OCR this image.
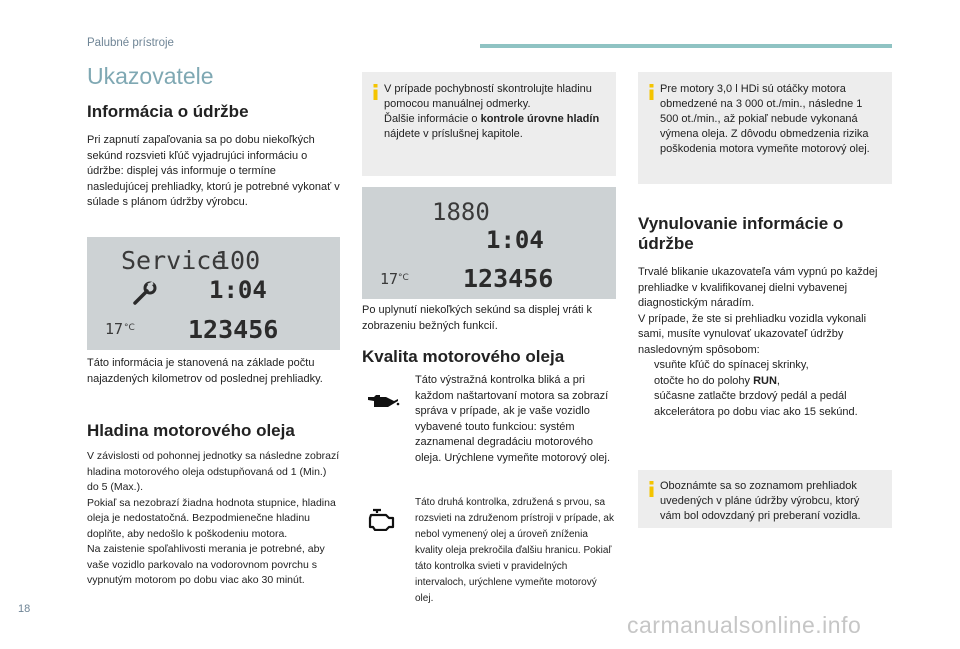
Palubné prístroje
Ukazovatele
Informácia o údržbe

Pri zapnutí zapaľovania sa po dobu niekoľkých sekúnd rozsvieti kľúč vyjadrujúci informáciu o údržbe: displej vás informuje o termíne nasledujúcej prehliadky, ktorú je potrebné vykonať v súlade s plánom údržby výrobcu.

Service
100
1:04
17 °C 123456

Táto informácia je stanovená na základe počtu najazdených kilometrov od poslednej prehliadky.

Hladina motorového oleja

V závislosti od pohonnej jednotky sa následne zobrazí hladina motorového oleja odstupňovaná od 1 (Min.) do 5 (Max.).
Pokiaľ sa nezobrazí žiadna hodnota stupnice, hladina oleja je nedostatočná. Bezpodmienečne hladinu doplňte, aby nedošlo k poškodeniu motora.
Na zaistenie spoľahlivosti merania je potrebné, aby vaše vozidlo parkovalo na vodorovnom povrchu s vypnutým motorom po dobu viac ako 30 minút.

V prípade pochybností skontrolujte hladinu pomocou manuálnej odmerky.

Ďalšie informácie o kontrole úrovne hladín nájdete v príslušnej kapitole.

1880
1:04
17 °C 123456

Po uplynutí niekoľkých sekúnd sa displej vráti k zobrazeniu bežných funkcií.

Kvalita motorového oleja

Táto výstražná kontrolka bliká a pri každom naštartovaní motora sa zobrazí správa v prípade, ak je vaše vozidlo vybavené touto funkciou: systém zaznamenal degradáciu motorového oleja. Urýchlene vymeňte motorový olej.

Táto druhá kontrolka, združená s prvou, sa rozsvieti na združenom prístroji v prípade, ak nebol vymenený olej a úroveň zníženia kvality oleja prekročila ďalšiu hranicu. Pokiaľ táto kontrolka svieti v pravidelných intervaloch, urýchlene vymeňte motorový olej.

Pre motory 3,0 l HDi sú otáčky motora obmedzené na 3 000 ot./min., následne 1 500 ot./min., až pokiaľ nebude vykonaná výmena oleja. Z dôvodu obmedzenia rizika poškodenia motora vymeňte motorový olej.

Vynulovanie informácie o údržbe

Trvalé blikanie ukazovateľa vám vypnú po každej prehliadke v kvalifikovanej dielni vybavenej diagnostickým náradím.
V prípade, že ste si prehliadku vozidla vykonali sami, musíte vynulovať ukazovateľ údržby nasledovným spôsobom:

vsuňte kľúč do spínacej skrinky,
otočte ho do polohy RUN,
súčasne zatlačte brzdový pedál a pedál akcelerátora po dobu viac ako 15 sekúnd.

Oboznámte sa so zoznamom prehliadok uvedených v pláne údržby výrobcu, ktorý vám bol odovzdaný pri preberaní vozidla.

18
carmanualsonline.info
